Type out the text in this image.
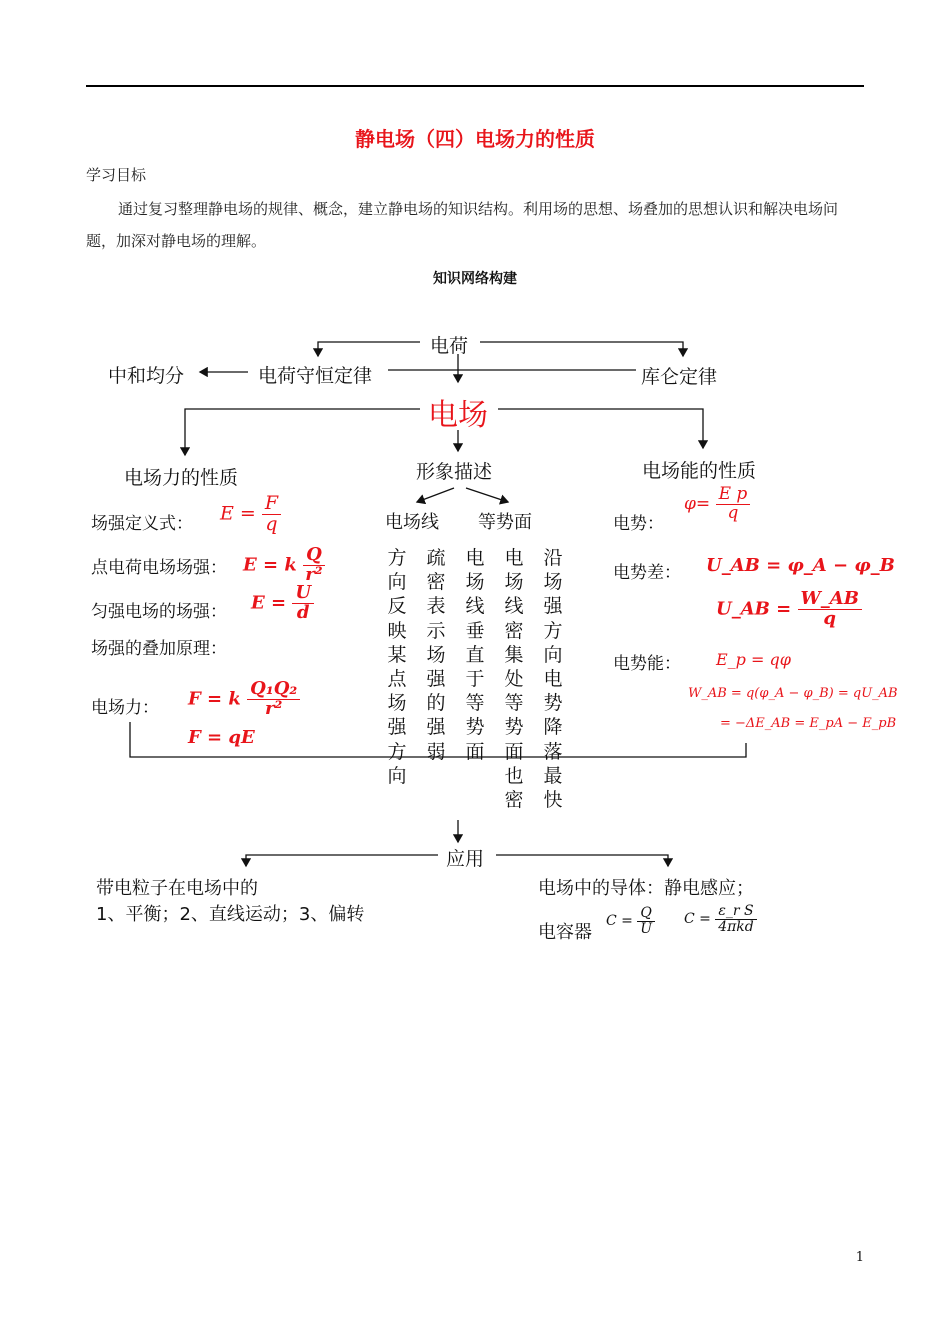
静电场（四）电场力的性质
学习目标
通过复习整理静电场的规律、概念，建立静电场的知识结构。利用场的思想、场叠加的思想认识和解决电场问题，加深对静电场的理解。
知识网络构建
电荷
中和均分	电荷守恒定律	库仑定律
电场
电场力的性质	形象描述	电场能的性质
电场线 等势面
方向反映某点场强方向
疏密表示场强的强弱
电场线垂直于等势面
电场线密集处等势面也密
沿场强方向电势降落最快
场强定义式： $E = \frac{F}{q}$
点电荷电场场强： E = k $\frac{Q}{\text{r²}}$
匀强电场的场强： $E = \frac{U}{d}$
场强的叠加原理：
电场力： F = k $\frac{\text{Q₁Q₂}}{\text{r²}}$
F = qE
电势：
$\varphi= \frac{\text{E p}}{q}$
电势差： U_AB = φ_A − φ_B
U_AB = $\frac{W\_AB}{q}$
电势能： E_p = qφ
W_AB = q(φ_A − φ_B) = qU_AB
= −ΔE_AB = E_pA − E_pB
应用
带电粒子在电场中的
1、平衡；2、直线运动；3、偏转
电场中的导体：静电感应；
电容器
$C = \frac{Q}{U}$ $C = \frac{\text{ε\_r S}}{\text{4πkd}}$
1
